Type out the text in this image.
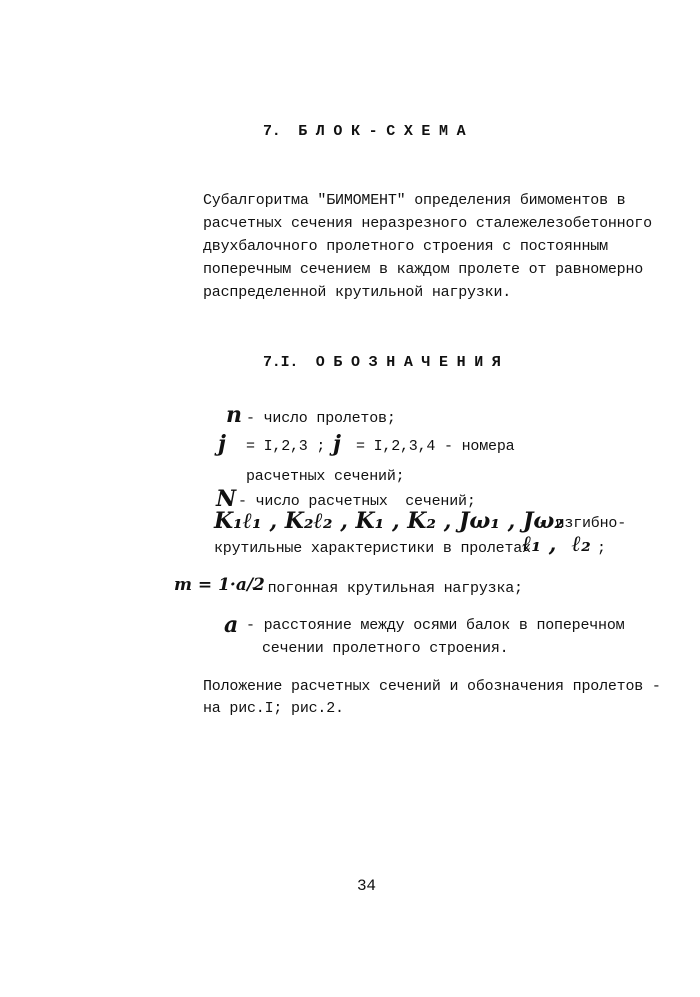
7.  Б Л О К - С Х Е М А
Субалгоритма "БИМОМЕНТ" определения бимоментов в
расчетных сечения неразрезного сталежелезобетонного
двухбалочного пролетного строения с постоянным
поперечным сечением в каждом пролете от равномерно
распределенной крутильной нагрузки.
7.I.  О Б О З Н А Ч Е Н И Я
n - число пролетов;
j = I,2,3 ; j = I,2,3,4 - номера
расчетных сечений;
N - число расчетных  сечений;
K₁ℓ₁ , K₂ℓ₂ , K₁ , K₂ , Jω₁ , Jω₂
- изгибно-
крутильные характеристики в пролетах
ℓ₁ ,  ℓ₂ ;
m = 1·a/2
- погонная крутильная нагрузка;
a - расстояние между осями балок в поперечном
сечении пролетного строения.
Положение расчетных сечений и обозначения пролетов -
на рис.I; рис.2.
34
